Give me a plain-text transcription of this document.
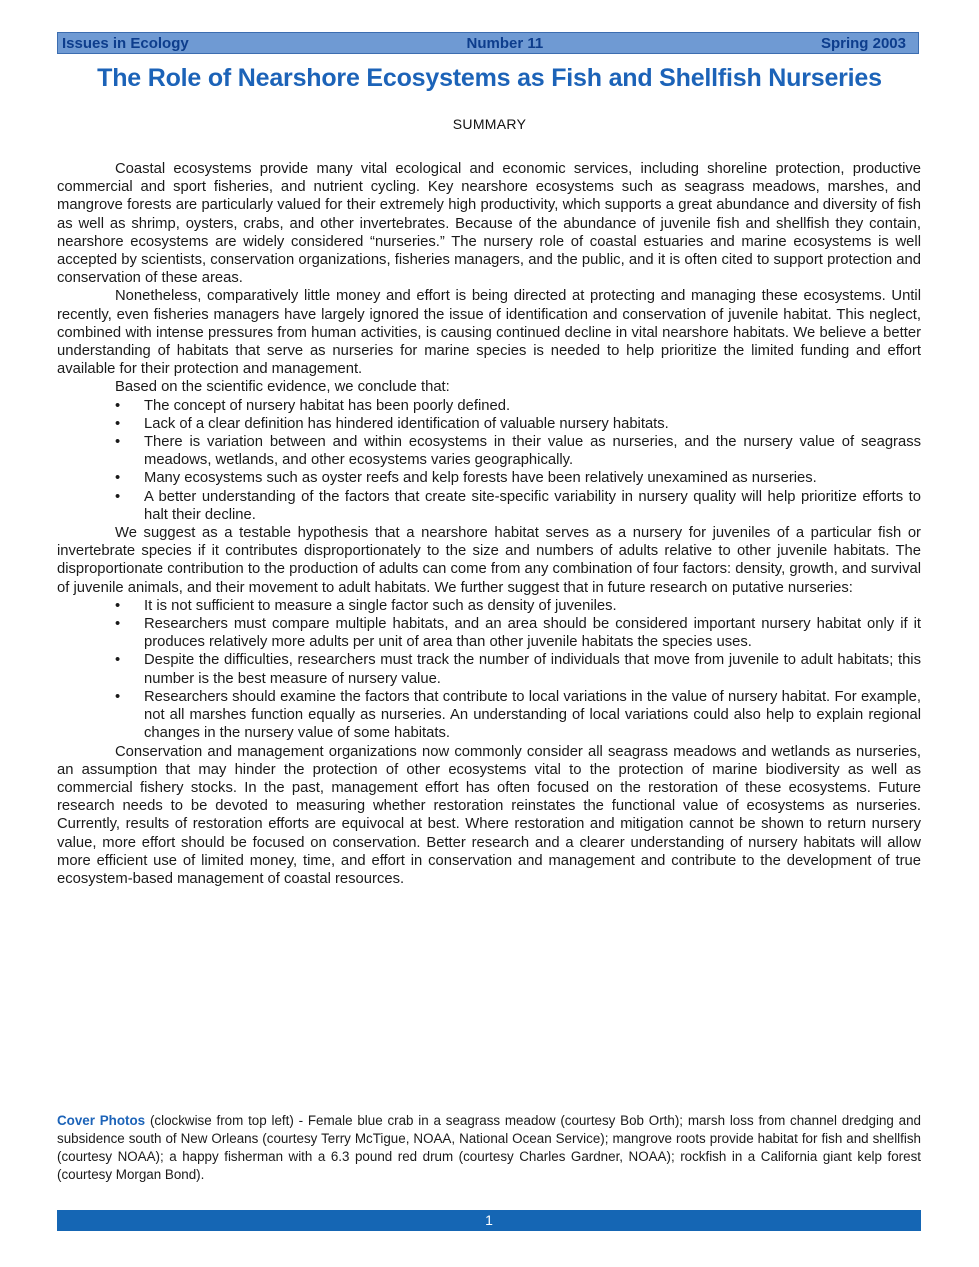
Issues in Ecology	Number 11	Spring 2003
The Role of Nearshore Ecosystems as Fish and Shellfish Nurseries
SUMMARY

Coastal ecosystems provide many vital ecological and economic services, including shoreline protection, productive commercial and sport fisheries, and nutrient cycling. Key nearshore ecosystems such as seagrass meadows, marshes, and mangrove forests are particularly valued for their extremely high productivity, which supports a great abundance and diversity of fish as well as shrimp, oysters, crabs, and other invertebrates. Because of the abundance of juvenile fish and shellfish they contain, nearshore ecosystems are widely considered “nurseries.” The nursery role of coastal estuaries and marine ecosystems is well accepted by scientists, conservation organizations, fisheries managers, and the public, and it is often cited to support protection and conservation of these areas.

Nonetheless, comparatively little money and effort is being directed at protecting and managing these ecosystems. Until recently, even fisheries managers have largely ignored the issue of identification and conservation of juvenile habitat. This neglect, combined with intense pressures from human activities, is causing continued decline in vital nearshore habitats. We believe a better understanding of habitats that serve as nurseries for marine species is needed to help prioritize the limited funding and effort available for their protection and management.

Based on the scientific evidence, we conclude that:

•	The concept of nursery habitat has been poorly defined.
•	Lack of a clear definition has hindered identification of valuable nursery habitats.
•	There is variation between and within ecosystems in their value as nurseries, and the nursery value of seagrass meadows, wetlands, and other ecosystems varies geographically.
•	Many ecosystems such as oyster reefs and kelp forests have been relatively unexamined as nurseries.
•	A better understanding of the factors that create site-specific variability in nursery quality will help prioritize efforts to halt their decline.

We suggest as a testable hypothesis that a nearshore habitat serves as a nursery for juveniles of a particular fish or invertebrate species if it contributes disproportionately to the size and numbers of adults relative to other juvenile habitats. The disproportionate contribution to the production of adults can come from any combination of four factors: density, growth, and survival of juvenile animals, and their movement to adult habitats. We further suggest that in future research on putative nurseries:

•	It is not sufficient to measure a single factor such as density of juveniles.
•	Researchers must compare multiple habitats, and an area should be considered important nursery habitat only if it produces relatively more adults per unit of area than other juvenile habitats the species uses.
•	Despite the difficulties, researchers must track the number of individuals that move from juvenile to adult habitats; this number is the best measure of nursery value.
•	Researchers should examine the factors that contribute to local variations in the value of nursery habitat. For example, not all marshes function equally as nurseries. An understanding of local variations could also help to explain regional changes in the nursery value of some habitats.

Conservation and management organizations now commonly consider all seagrass meadows and wetlands as nurseries, an assumption that may hinder the protection of other ecosystems vital to the protection of marine biodiversity as well as commercial fishery stocks. In the past, management effort has often focused on the restoration of these ecosystems. Future research needs to be devoted to measuring whether restoration reinstates the functional value of ecosystems as nurseries. Currently, results of restoration efforts are equivocal at best. Where restoration and mitigation cannot be shown to return nursery value, more effort should be focused on conservation. Better research and a clearer understanding of nursery habitats will allow more efficient use of limited money, time, and effort in conservation and management and contribute to the development of true ecosystem-based management of coastal resources.

Cover Photos (clockwise from top left) - Female blue crab in a seagrass meadow (courtesy Bob Orth); marsh loss from channel dredging and subsidence south of New Orleans (courtesy Terry McTigue, NOAA, National Ocean Service); mangrove roots provide habitat for fish and shellfish (courtesy NOAA); a happy fisherman with a 6.3 pound red drum (courtesy Charles Gardner, NOAA); rockfish in a California giant kelp forest (courtesy Morgan Bond).
1
